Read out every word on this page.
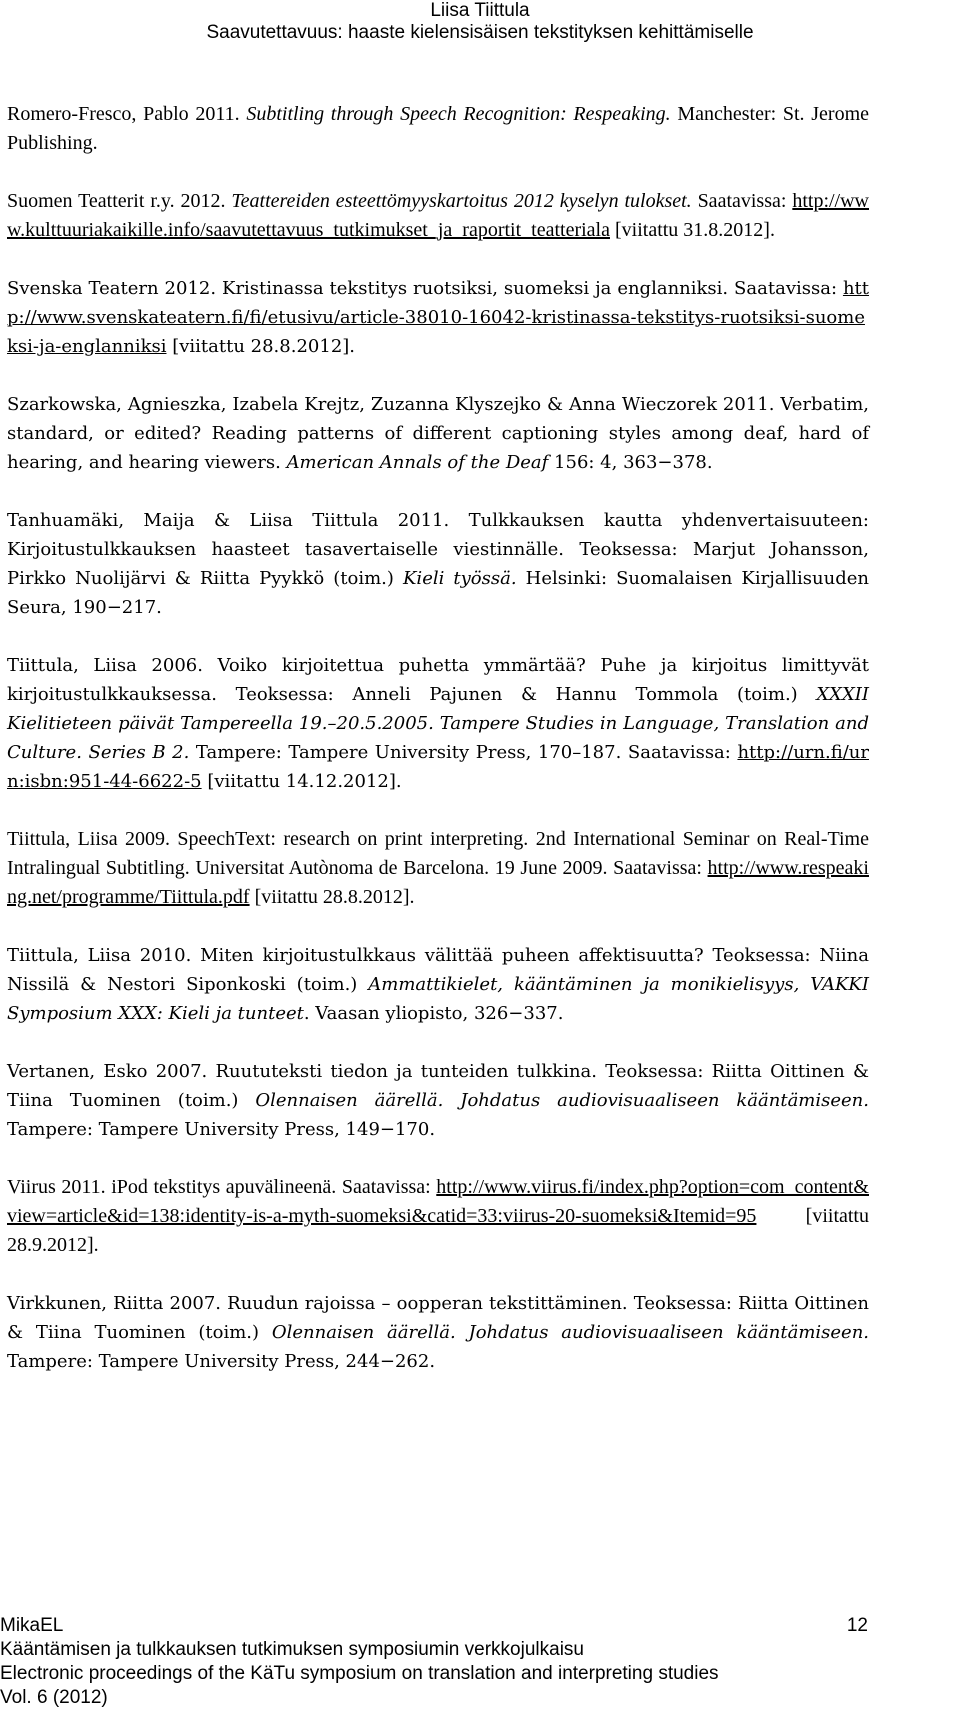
Liisa Tiittula
Saavutettavuus: haaste kielensisäisen tekstityksen kehittämiselle

Romero-Fresco, Pablo 2011. Subtitling through Speech Recognition: Respeaking. Manchester: St. Jerome Publishing.

Suomen Teatterit r.y. 2012. Teattereiden esteettömyyskartoitus 2012 kyselyn tulokset. Saatavissa: http://www.kulttuuriakaikille.info/saavutettavuus_tutkimukset_ja_raportit_teatteriala [viitattu 31.8.2012].

Svenska Teatern 2012. Kristinassa tekstitys ruotsiksi, suomeksi ja englanniksi. Saatavissa: http://www.svenskateatern.fi/fi/etusivu/article-38010-16042-kristinassa-tekstitys-ruotsiksi-suomeksi-ja-englanniksi [viitattu 28.8.2012].

Szarkowska, Agnieszka, Izabela Krejtz, Zuzanna Klyszejko & Anna Wieczorek 2011. Verbatim, standard, or edited? Reading patterns of different captioning styles among deaf, hard of hearing, and hearing viewers. American Annals of the Deaf 156: 4, 363−378.

Tanhuamäki, Maija & Liisa Tiittula 2011. Tulkkauksen kautta yhdenvertaisuuteen: Kirjoitustulkkauksen haasteet tasavertaiselle viestinnälle. Teoksessa: Marjut Johansson, Pirkko Nuolijärvi & Riitta Pyykkö (toim.) Kieli työssä. Helsinki: Suomalaisen Kirjallisuuden Seura, 190−217.

Tiittula, Liisa 2006. Voiko kirjoitettua puhetta ymmärtää? Puhe ja kirjoitus limittyvät kirjoitustulkkauksessa. Teoksessa: Anneli Pajunen & Hannu Tommola (toim.) XXXII Kielitieteen päivät Tampereella 19.–20.5.2005. Tampere Studies in Language, Translation and Culture. Series B 2. Tampere: Tampere University Press, 170–187. Saatavissa: http://urn.fi/urn:isbn:951-44-6622-5 [viitattu 14.12.2012].

Tiittula, Liisa 2009. SpeechText: research on print interpreting. 2nd International Seminar on Real-Time Intralingual Subtitling. Universitat Autònoma de Barcelona. 19 June 2009. Saatavissa: http://www.respeaking.net/programme/Tiittula.pdf [viitattu 28.8.2012].

Tiittula, Liisa 2010. Miten kirjoitustulkkaus välittää puheen affektisuutta? Teoksessa: Niina Nissilä & Nestori Siponkoski (toim.) Ammattikielet, kääntäminen ja monikielisyys, VAKKI Symposium XXX: Kieli ja tunteet. Vaasan yliopisto, 326−337.

Vertanen, Esko 2007. Ruututeksti tiedon ja tunteiden tulkkina. Teoksessa: Riitta Oittinen & Tiina Tuominen (toim.) Olennaisen äärellä. Johdatus audiovisuaaliseen kääntämiseen. Tampere: Tampere University Press, 149−170.

Viirus 2011. iPod tekstitys apuvälineenä. Saatavissa: http://www.viirus.fi/index.php?option=com_content&view=article&id=138:identity-is-a-myth-suomeksi&catid=33:viirus-20-suomeksi&Itemid=95 [viitattu 28.9.2012].

Virkkunen, Riitta 2007. Ruudun rajoissa – oopperan tekstittäminen. Teoksessa: Riitta Oittinen & Tiina Tuominen (toim.) Olennaisen äärellä. Johdatus audiovisuaaliseen kääntämiseen. Tampere: Tampere University Press, 244−262.

MikaEL
Kääntämisen ja tulkkauksen tutkimuksen symposiumin verkkojulkaisu
Electronic proceedings of the KäTu symposium on translation and interpreting studies
Vol. 6 (2012)
12
